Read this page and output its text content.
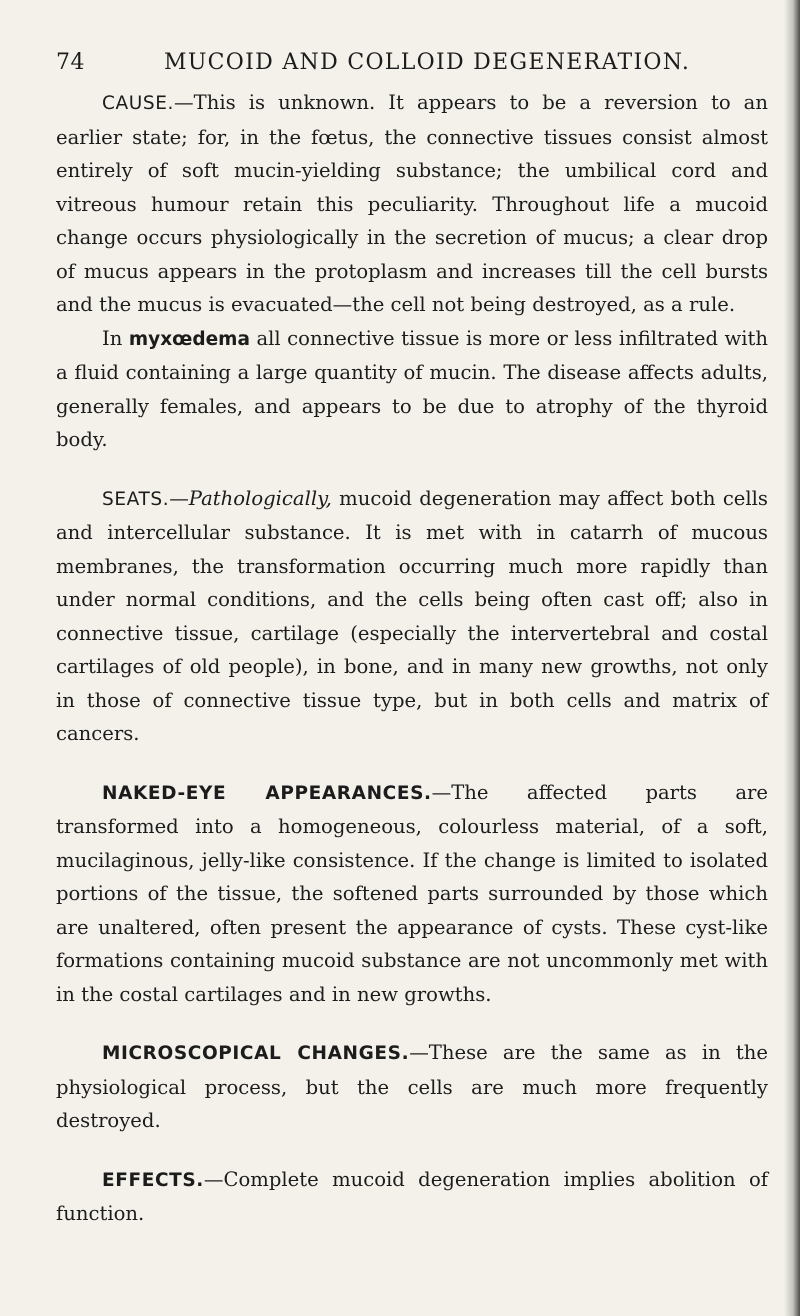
74	MUCOID AND COLLOID DEGENERATION.

CAUSE.—This is unknown. It appears to be a reversion to an earlier state; for, in the fœtus, the connective tissues consist almost entirely of soft mucin-yielding substance; the umbilical cord and vitreous humour retain this peculiarity. Throughout life a mucoid change occurs physiologically in the secretion of mucus; a clear drop of mucus appears in the protoplasm and increases till the cell bursts and the mucus is evacuated—the cell not being destroyed, as a rule.

In myxœdema all connective tissue is more or less infiltrated with a fluid containing a large quantity of mucin. The disease affects adults, generally females, and appears to be due to atrophy of the thyroid body.

SEATS.—Pathologically, mucoid degeneration may affect both cells and intercellular substance. It is met with in catarrh of mucous membranes, the transformation occurring much more rapidly than under normal conditions, and the cells being often cast off; also in connective tissue, cartilage (especially the intervertebral and costal cartilages of old people), in bone, and in many new growths, not only in those of connective tissue type, but in both cells and matrix of cancers.

NAKED-EYE APPEARANCES.—The affected parts are transformed into a homogeneous, colourless material, of a soft, mucilaginous, jelly-like consistence. If the change is limited to isolated portions of the tissue, the softened parts surrounded by those which are unaltered, often present the appearance of cysts. These cyst-like formations containing mucoid substance are not uncommonly met with in the costal cartilages and in new growths.

MICROSCOPICAL CHANGES.—These are the same as in the physiological process, but the cells are much more frequently destroyed.

EFFECTS.—Complete mucoid degeneration implies abolition of function.
